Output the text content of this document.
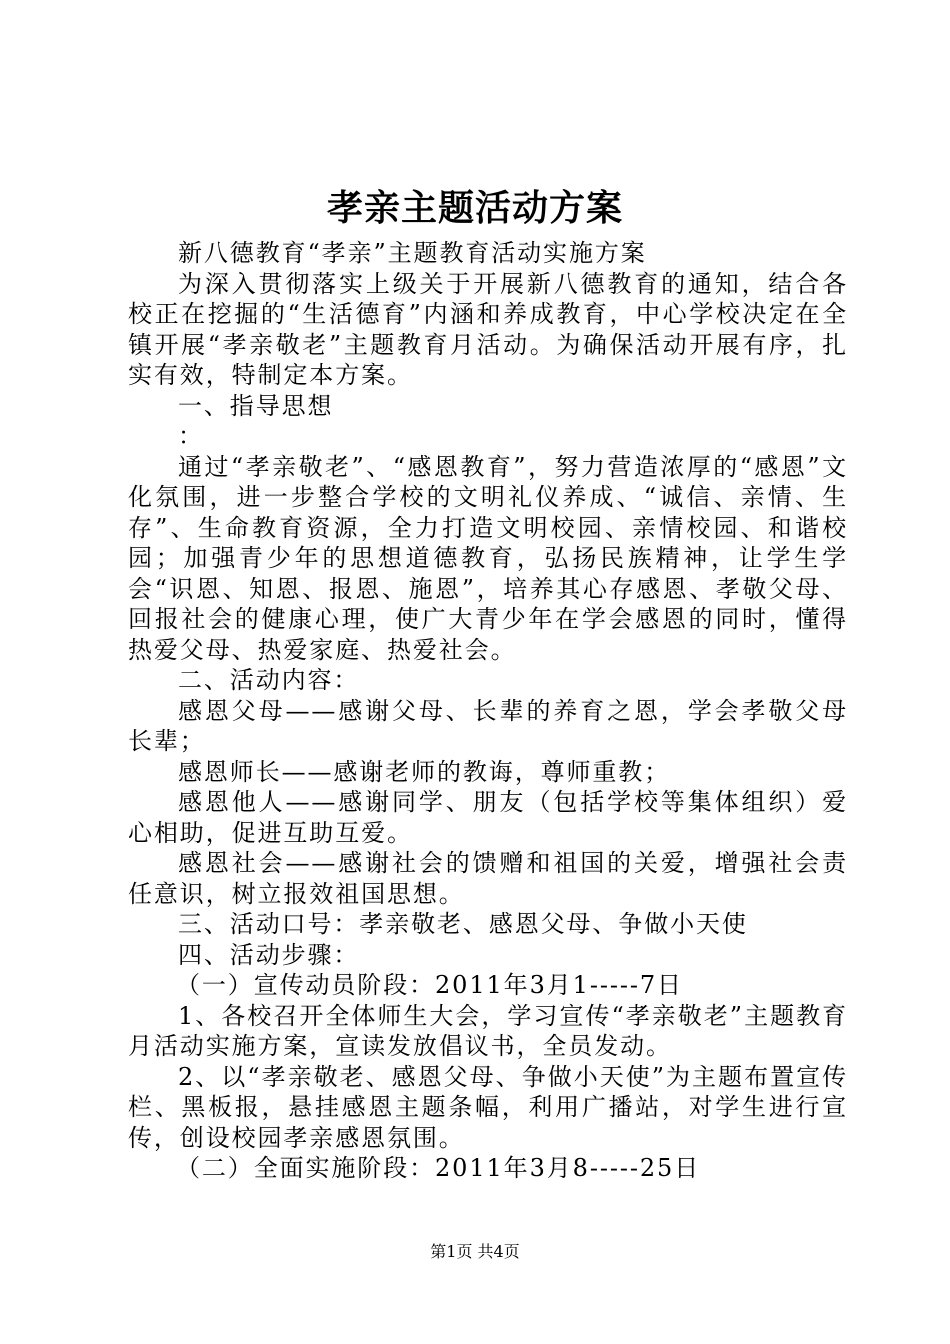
孝亲主题活动方案

新八德教育“孝亲”主题教育活动实施方案

为深入贯彻落实上级关于开展新八德教育的通知，结合各校正在挖掘的“生活德育”内涵和养成教育，中心学校决定在全镇开展“孝亲敬老”主题教育月活动。为确保活动开展有序，扎实有效，特制定本方案。

一、指导思想

：

通过“孝亲敬老”、“感恩教育”，努力营造浓厚的“感恩”文化氛围，进一步整合学校的文明礼仪养成、“诚信、亲情、生存”、生命教育资源，全力打造文明校园、亲情校园、和谐校园；加强青少年的思想道德教育，弘扬民族精神，让学生学会“识恩、知恩、报恩、施恩”，培养其心存感恩、孝敬父母、回报社会的健康心理，使广大青少年在学会感恩的同时，懂得热爱父母、热爱家庭、热爱社会。

二、活动内容：

感恩父母——感谢父母、长辈的养育之恩，学会孝敬父母长辈；

感恩师长——感谢老师的教诲，尊师重教；

感恩他人——感谢同学、朋友（包括学校等集体组织）爱心相助，促进互助互爱。

感恩社会——感谢社会的馈赠和祖国的关爱，增强社会责任意识，树立报效祖国思想。

三、活动口号：孝亲敬老、感恩父母、争做小天使

四、活动步骤：

（一）宣传动员阶段：2011年3月1-----7日

1、各校召开全体师生大会，学习宣传“孝亲敬老”主题教育月活动实施方案，宣读发放倡议书，全员发动。

2、以“孝亲敬老、感恩父母、争做小天使”为主题布置宣传栏、黑板报，悬挂感恩主题条幅，利用广播站，对学生进行宣传，创设校园孝亲感恩氛围。

（二）全面实施阶段：2011年3月8-----25日

第1页 共4页
